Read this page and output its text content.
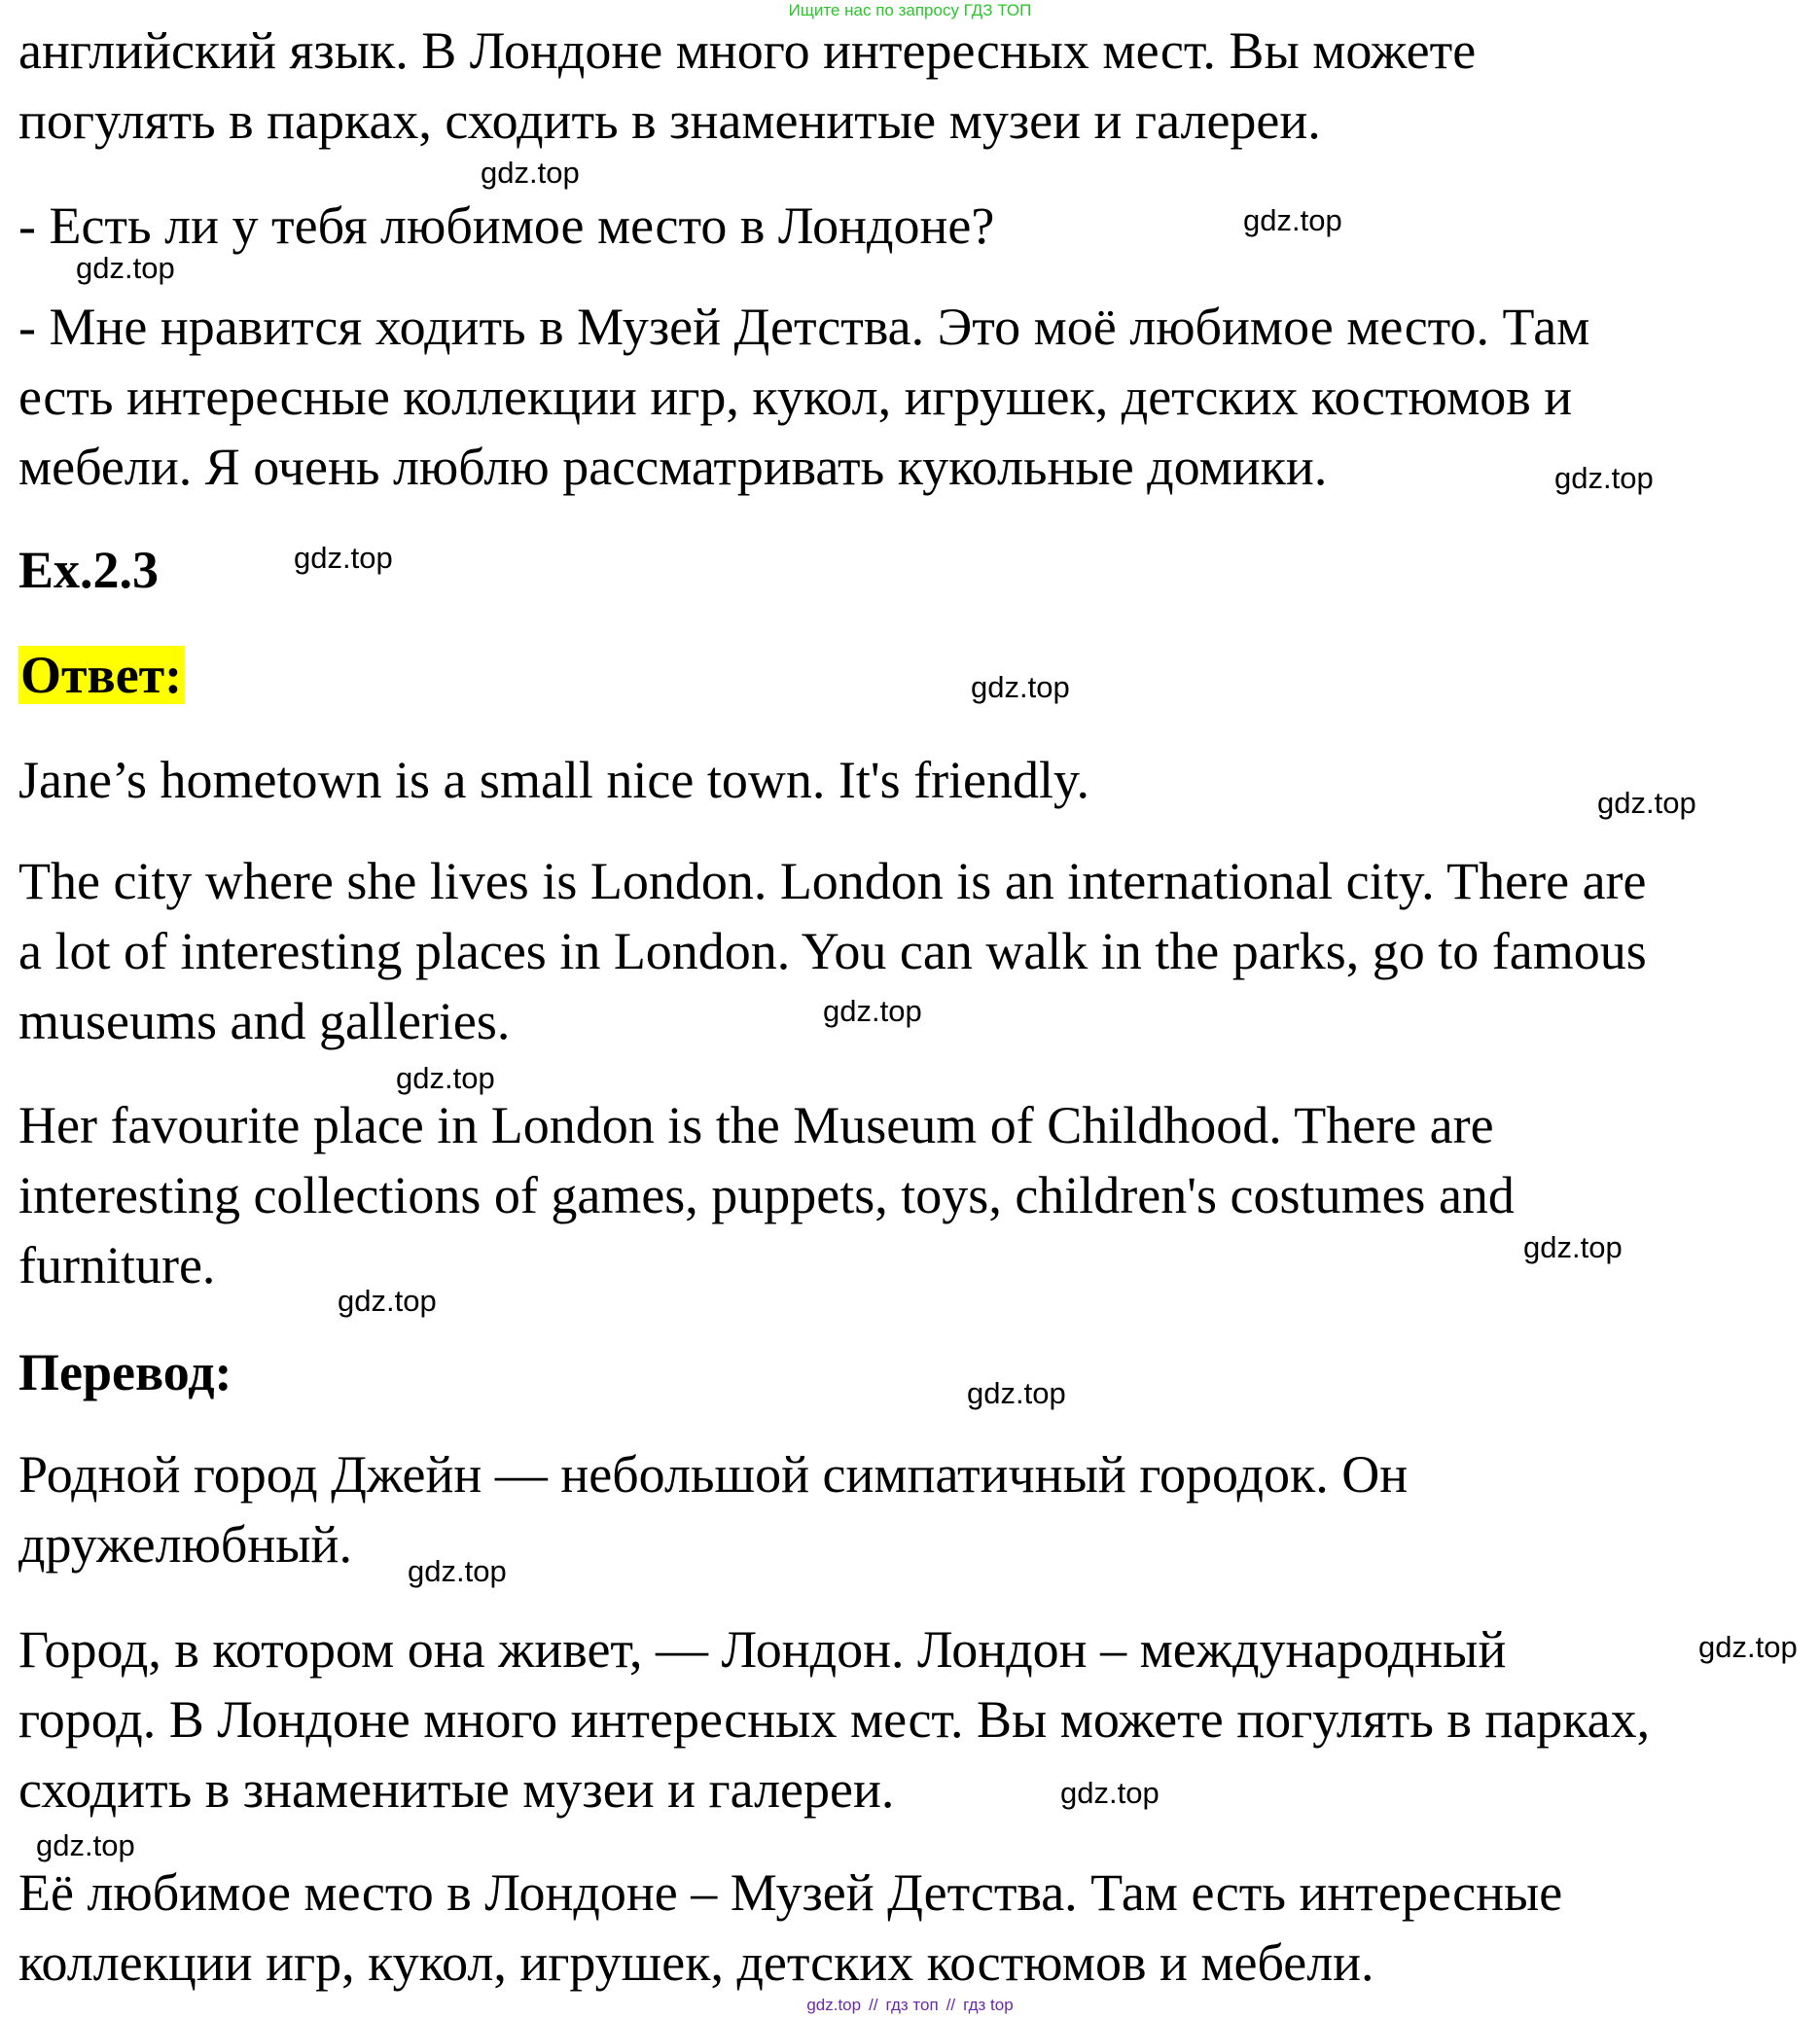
Ищите нас по запросу ГДЗ ТОП

английский язык. В Лондоне много интересных мест. Вы можете
погулять в парках, сходить в знаменитые музеи и галереи.

- Есть ли у тебя любимое место в Лондоне?

- Мне нравится ходить в Музей Детства. Это моё любимое место. Там
есть интересные коллекции игр, кукол, игрушек, детских костюмов и
мебели. Я очень люблю рассматривать кукольные домики.

Ex.2.3
Ответ:

Jane’s hometown is a small nice town. It's friendly.

The city where she lives is London. London is an international city. There are
a lot of interesting places in London. You can walk in the parks, go to famous
museums and galleries.

Her favourite place in London is the Museum of Childhood. There are
interesting collections of games, puppets, toys, children's costumes and
furniture.

Перевод:

Родной город Джейн — небольшой симпатичный городок. Он
дружелюбный.

Город, в котором она живет, — Лондон. Лондон – международный
город. В Лондоне много интересных мест. Вы можете погулять в парках,
сходить в знаменитые музеи и галереи.

Её любимое место в Лондоне – Музей Детства. Там есть интересные
коллекции игр, кукол, игрушек, детских костюмов и мебели.

gdz.top
gdz.top
gdz.top
gdz.top
gdz.top
gdz.top
gdz.top
gdz.top
gdz.top
gdz.top
gdz.top
gdz.top
gdz.top
gdz.top
gdz.top
gdz.top
gdz.top // гдз топ // гдз top
